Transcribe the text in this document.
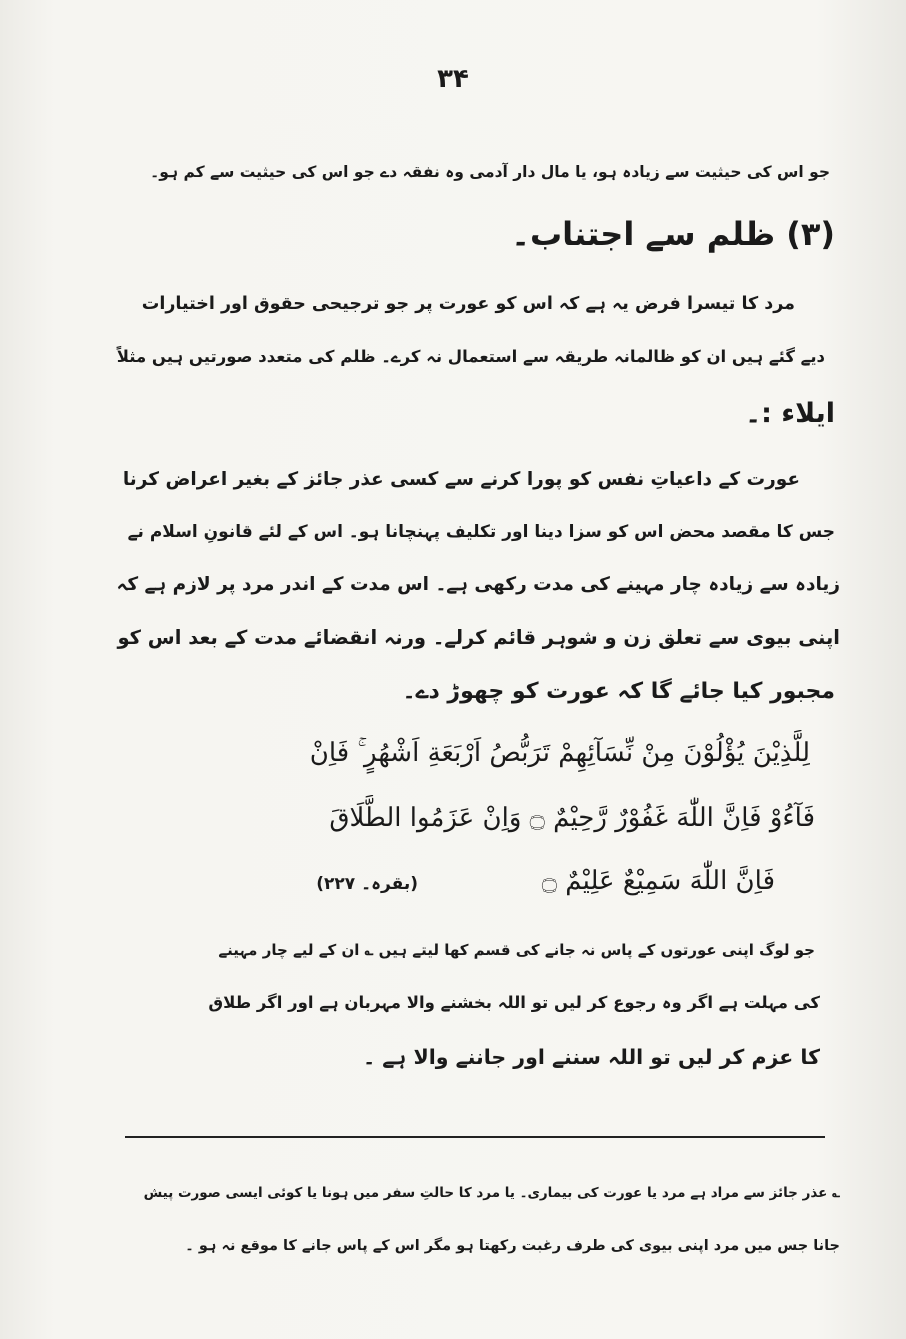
۳۴
جو اس کی حیثیت سے زیادہ ہو، یا مال دار آدمی وہ نفقہ دے جو اس کی حیثیت سے کم ہو۔
(۳) ظلم سے اجتناب۔
مرد کا تیسرا فرض یہ ہے کہ اس کو عورت پر جو ترجیحی حقوق اور اختیارات
دیے گئے ہیں ان کو ظالمانہ طریقہ سے استعمال نہ کرے۔ ظلم کی متعدد صورتیں ہیں مثلاً
ایلاء :۔
عورت کے داعیاتِ نفس کو پورا کرنے سے کسی عذر جائز کے بغیر اعراض کرنا
جس کا مقصد محض اس کو سزا دینا اور تکلیف پہنچانا ہو۔ اس کے لئے قانونِ اسلام نے
زیادہ سے زیادہ چار مہینے کی مدت رکھی ہے۔ اس مدت کے اندر مرد پر لازم ہے کہ
اپنی بیوی سے تعلق زن و شوہر قائم کرلے۔ ورنہ انقضائے مدت کے بعد اس کو
مجبور کیا جائے گا کہ عورت کو چھوڑ دے۔
لِلَّذِيْنَ يُؤْلُوْنَ مِنْ نِّسَآئِهِمْ تَرَبُّصُ اَرْبَعَةِ اَشْهُرٍ ۚ فَاِنْ
فَآءُوْ فَاِنَّ اللّٰهَ غَفُوْرٌ رَّحِيْمٌ ۝ وَاِنْ عَزَمُوا الطَّلَاقَ
فَاِنَّ اللّٰهَ سَمِيْعٌ عَلِيْمٌ ۝
(بقرہ۔ ۲۲۷)
جو لوگ اپنی عورتوں کے پاس نہ جانے کی قسم کھا لیتے ہیں ؎ ان کے لیے چار مہینے
کی مہلت ہے اگر وہ رجوع کر لیں تو اللہ بخشنے والا مہربان ہے اور اگر طلاق
کا عزم کر لیں تو اللہ سننے اور جاننے والا ہے ۔
؎ عذر جائز سے مراد ہے مرد یا عورت کی بیماری۔ یا مرد کا حالتِ سفر میں ہونا یا کوئی ایسی صورت پیش
جانا جس میں مرد اپنی بیوی کی طرف رغبت رکھتا ہو مگر اس کے پاس جانے کا موقع نہ ہو ۔
